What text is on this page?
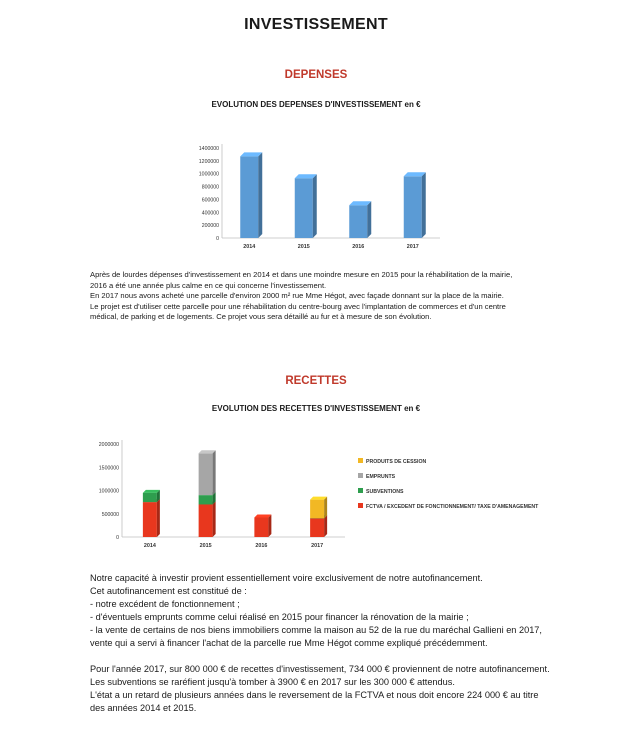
INVESTISSEMENT
DEPENSES
EVOLUTION DES DEPENSES D'INVESTISSEMENT en €
0
200000
400000
600000
800000
1000000
1200000
1400000
2014	2015	2016	2017

Après de lourdes dépenses d'investissement en 2014 et dans une moindre mesure en 2015 pour la réhabilitation de la mairie,

2016 a été une année plus calme en ce qui concerne l'investissement.

En 2017 nous avons acheté une parcelle d'environ 2000 m² rue Mme Hégot, avec façade donnant sur la place de la mairie.

Le projet est d'utiliser cette parcelle pour une réhabilitation du centre-bourg avec l'implantation de commerces et d'un centre

médical, de parking et de logements. Ce projet vous sera détaillé au fur et à mesure de son évolution.

RECETTES
EVOLUTION DES RECETTES D'INVESTISSEMENT en €
0
500000
1000000
1500000
2000000
2014	2015	2016	2017
PRODUITS DE CESSION
EMPRUNTS
SUBVENTIONS
FCTVA / EXCEDENT DE FONCTIONNEMENT/ TAXE D'AMENAGEMENT

Notre capacité à investir provient essentiellement voire exclusivement de notre autofinancement.

Cet autofinancement est constitué de :

- notre excédent de fonctionnement ;

- d'éventuels emprunts comme celui réalisé en 2015 pour financer la rénovation de la mairie ;

- la vente de certains de nos biens immobiliers comme la maison au 52 de la rue du maréchal Gallieni en 2017,

vente qui a servi à financer l'achat de la parcelle rue Mme Hégot comme expliqué précédemment.

Pour l'année 2017, sur 800 000 € de recettes d'investissement, 734 000 € proviennent de notre autofinancement.

Les subventions se raréfient jusqu'à tomber à 3900 € en 2017 sur les 300 000 € attendus.

L'état a un retard de plusieurs années dans le reversement de la FCTVA et nous doit encore 224 000 € au titre

des années 2014 et 2015.
